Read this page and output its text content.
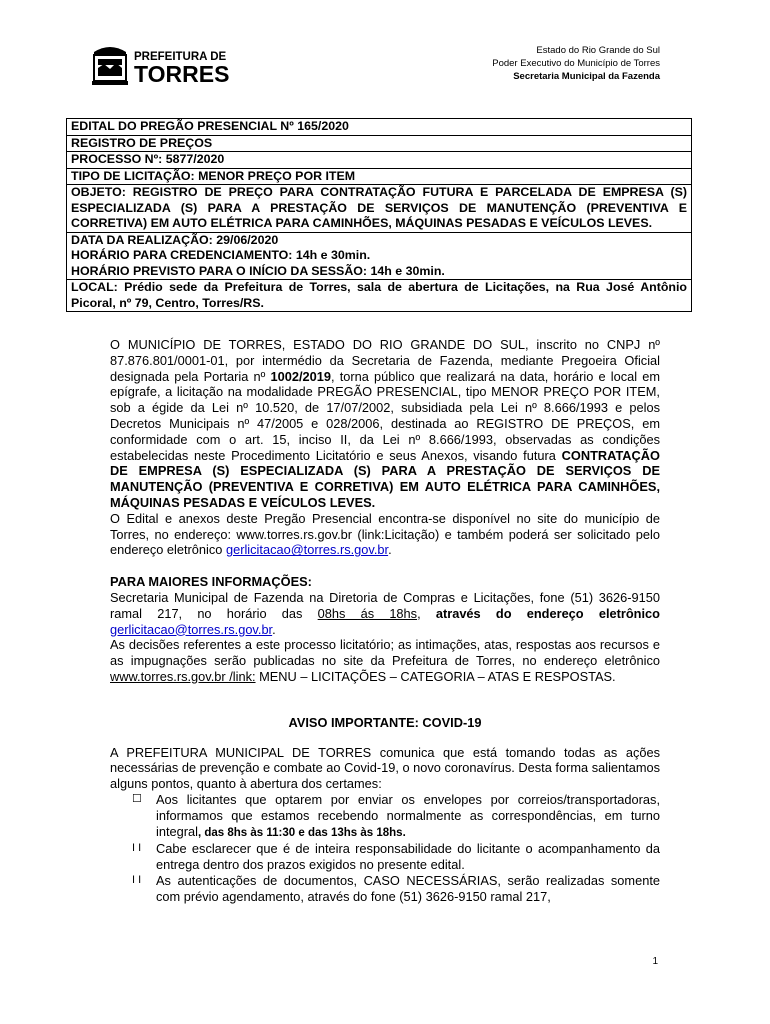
PREFEITURA DE
TORRES
Estado do Rio Grande do Sul
Poder Executivo do Município de Torres
Secretaria Municipal da Fazenda
EDITAL DO PREGÃO PRESENCIAL Nº 165/2020
REGISTRO DE PREÇOS
PROCESSO Nº: 5877/2020
TIPO DE LICITAÇÃO: MENOR PREÇO POR ITEM
OBJETO: REGISTRO DE PREÇO PARA CONTRATAÇÃO FUTURA E PARCELADA DE EMPRESA (S) ESPECIALIZADA (S) PARA A PRESTAÇÃO DE SERVIÇOS DE MANUTENÇÃO (PREVENTIVA E CORRETIVA) EM AUTO ELÉTRICA PARA CAMINHÕES, MÁQUINAS PESADAS E VEÍCULOS LEVES.
DATA DA REALIZAÇÃO: 29/06/2020
HORÁRIO PARA CREDENCIAMENTO: 14h e 30min.
HORÁRIO PREVISTO PARA O INÍCIO DA SESSÃO: 14h e 30min.
LOCAL: Prédio sede da Prefeitura de Torres, sala de abertura de Licitações, na Rua José Antônio Picoral, nº 79, Centro, Torres/RS.

O MUNICÍPIO DE TORRES, ESTADO DO RIO GRANDE DO SUL, inscrito no CNPJ nº 87.876.801/0001-01, por intermédio da Secretaria de Fazenda, mediante Pregoeira Oficial designada pela Portaria nº 1002/2019, torna público que realizará na data, horário e local em epígrafe, a licitação na modalidade PREGÃO PRESENCIAL, tipo MENOR PREÇO POR ITEM, sob a égide da Lei nº 10.520, de 17/07/2002, subsidiada pela Lei nº 8.666/1993 e pelos Decretos Municipais nº 47/2005 e 028/2006, destinada ao REGISTRO DE PREÇOS, em conformidade com o art. 15, inciso II, da Lei nº 8.666/1993, observadas as condições estabelecidas neste Procedimento Licitatório e seus Anexos, visando futura CONTRATAÇÃO DE EMPRESA (S) ESPECIALIZADA (S) PARA A PRESTAÇÃO DE SERVIÇOS DE MANUTENÇÃO (PREVENTIVA E CORRETIVA) EM AUTO ELÉTRICA PARA CAMINHÕES, MÁQUINAS PESADAS E VEÍCULOS LEVES.

O Edital e anexos deste Pregão Presencial encontra-se disponível no site do município de Torres, no endereço: www.torres.rs.gov.br (link:Licitação) e também poderá ser solicitado pelo endereço eletrônico gerlicitacao@torres.rs.gov.br.

PARA MAIORES INFORMAÇÕES:

Secretaria Municipal de Fazenda na Diretoria de Compras e Licitações, fone (51) 3626-9150 ramal 217, no horário das 08hs ás 18hs, através do endereço eletrônico gerlicitacao@torres.rs.gov.br.

As decisões referentes a este processo licitatório; as intimações, atas, respostas aos recursos e as impugnações serão publicadas no site da Prefeitura de Torres, no endereço eletrônico www.torres.rs.gov.br /link: MENU – LICITAÇÕES – CATEGORIA – ATAS E RESPOSTAS.

AVISO IMPORTANTE: COVID-19

A PREFEITURA MUNICIPAL DE TORRES comunica que está tomando todas as ações necessárias de prevenção e combate ao Covid-19, o novo coronavírus. Desta forma salientamos alguns pontos, quanto à abertura dos certames:

☐ Aos licitantes que optarem por enviar os envelopes por correios/transportadoras, informamos que estamos recebendo normalmente as correspondências, em turno integral, das 8hs às 11:30 e das 13hs às 18hs.

I I Cabe esclarecer que é de inteira responsabilidade do licitante o acompanhamento da entrega dentro dos prazos exigidos no presente edital.

I I As autenticações de documentos, CASO NECESSÁRIAS, serão realizadas somente com prévio agendamento, através do fone (51) 3626-9150 ramal 217,

1
